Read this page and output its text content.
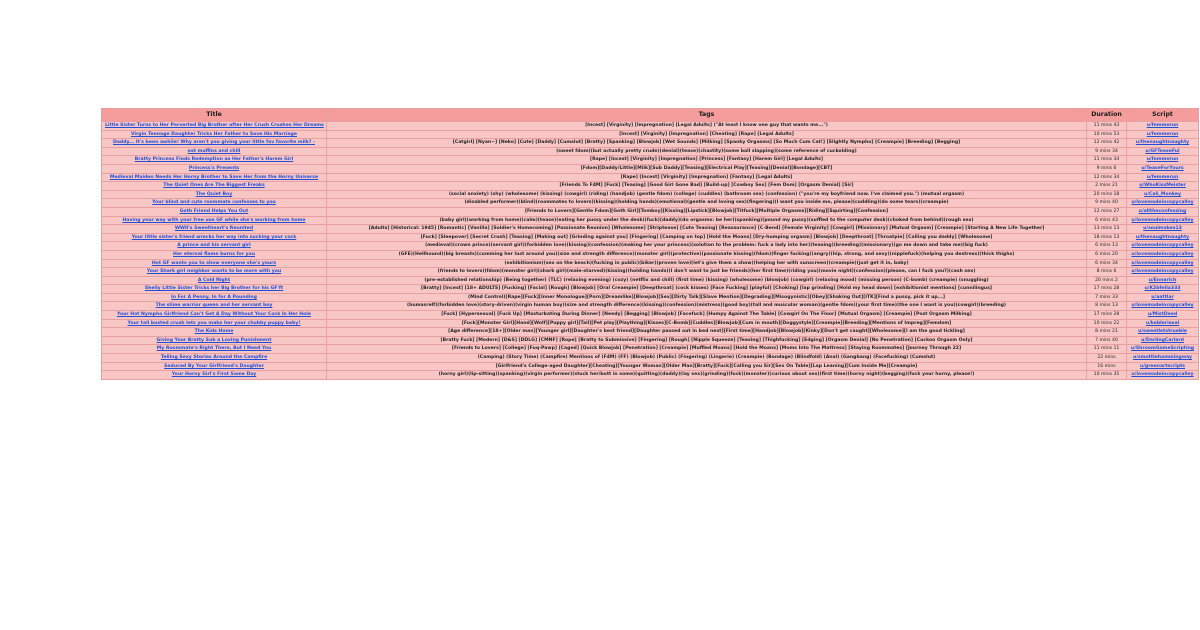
Title	Tags	Duration	Script
Little Sister Turns to Her Perverted Big Brother after Her Crush Crushes Her Dreams	[Incest] [Virginity] [Impregnation] [Legal Adults] ("At least I know one guy that wants me...")	11 mins 43	u/femmerun
Virgin Teenage Daughter Tricks Her Father to Save His Marriage	[Incest] [Virginity] [Impregnation] [Cheating] [Rape] [Legal Adults]	10 mins 53	u/femmerun
Daddy... It's been awhile! Why aren't you giving your little fav favorite milk? -	[Catgirl] [Nyan~] [Neko] [Cute] [Daddy] [Cumslut] [Bratty] [Spanking] [Blowjob] [Wet Sounds] [Milking] [Spanky Orgasms] [So Much Cum Cat!] [Slightly Nympho] [Creampie] [Breeding] [Begging]	12 mins 42	u/thenaughtnaughty
eat muffins and chill	(sweet fdom)(but actually pretty crude)(denial)(tease)(chastity)(some ball slapping)(some reference of cuckolding)	9 mins 34	u/GFTeaseFul
Bratty Princess Finds Redemption as Her Father's Harem Girl	[Rape] [Incest] [Virginity] [Impregnation] [Princess] [Fantasy] [Harem Girl] [Legal Adults]	11 mins 34	u/femmerun
Princess's Presents	[Fdom][Daddy/Little][Milk][Sub Daddy][Teasing][Electrical Play][Teasing][Denial][Bondage][CBT]	9 mins 6	u/TeaseForYours
Medieval Maiden Needs Her Horny Brother to Save Her from the Horny Universe	[Rape] [Incest] [Virginity] [Impregnation] [Fantasy] [Legal Adults]	12 mins 34	u/femmerun
The Quiet Ones Are The Biggest Freaks	[Friends To F4M] [Fuck] [Teasing] [Good Girl Gone Bad] [Build-up] [Cowboy Sex] [Fem Dom] [Orgasm Denial] [Sir]	2 mins 21	u/WhoKissMeister
The Quiet Boy	(social anxiety) (shy) (wholesome) (kissing) (cowgirl) (riding) (handjob) (gentle fdom) (college) (cuddles) (bathroom sex) (confession) ("you're my boyfriend now. I've claimed you.") (mutual orgasm)	20 mins 18	u/Cali_Monkey
Your blind and cute roommate confesses to you	(disabled performer)(blind)(roommates to lovers)(kissing)(holding hands)(emotional)(gentle and loving sex)(fingering)(I want you inside me, please)(cuddling)(do some tears)(creampie)	9 mins 40	u/lovemadeincopycalley
Goth Friend Helps You Out	[Friends to Lovers][Gentle Fdom][Goth Girl][Tomboy][Kissing][Lipstick][Blowjob][Titfuck][Multiple Orgasms][Riding][Squirting][Confession]	12 mins 27	u/alltheconfessing
Having your way with your free use GF while she's working from home	(baby girl)(working from home)(calm)(tease)(eating her pussy under the desk)(fuck)(daddy)(do orgasms: be her)(spanking)(pound my pussy)(suffled to the computer desk)(choked from behind)(rough sex)	6 mins 43	u/lovemadeincopycalley
WWII's Sweetheart's Reunited	[Adults] [Historical: 1945] [Romantic] [Vanilla] [Soldier's Homecoming] [Passionate Reunion] [Wholesome] [Striptease] [Cute Teasing] [Reassurance] [C-Bend] [Female Virginity] [Cowgirl] [Missionary] [Mutual Orgasm] [Creampie] [Starting A New Life Together]	13 mins 13	u/soulmakes13
Your little sister's friend wrecks her way into sucking your cock	[Fuck] [Sleepover] [Secret Crush] [Teasing] [Making out] [Grinding against you] [Fingering] [Camping on top] [Hold the Moans] [Dry-humping orgasm] [Blowjob] [Deepthroat] [Throatpie] [Calling you daddy] [Wholesome]	18 mins 13	u/thenaughtnaughty
A prince and his servant girl	(medieval)(crown prince)(servant girl)(forbidden love)(kissing)(confession)(making her your princess)(solution to the problem: fuck a lady into her)(teasing)(breeding)(missionary)(go me down and take me)(big fuck)	6 mins 13	u/lovemadeincopycalley
Her eternal flame burns for you	(GFE)(Hellhound)(big breasts)(cumming her lust around you)(size and strength difference)(monster girl)(protective)(passionate kissing)(fdom)(finger fucking)(angry)(hip, strong, and sexy)(nipplefuck)(helping you destress)(thick thighs)	6 mins 20	u/lovemadeincopycalley
Hot GF wants you to show everyone she's yours	(exhibitionism)(sex on the beach)(fucking in public)(biker)(proven love)(let's give them a show)(helping her with sunscreen)(creampie)(just get it in, baby)	6 mins 34	u/lovemadeincopycalley
Your Shark girl neighbor wants to be more with you	(friends to lovers)(fdom)(monster girl)(shark girl)(male-starved)(kissing)(holding hands)(I don't want to just be friends)(her first time)(riding you)(movie night)(confession)(please, can I fuck you?)(cash sex)	8 mins 6	u/lovemadeincopycalley
A Cold Night	(pre-established relationship) (Being together) (TLC) (relaxing evening) (cozy) (netflix and chill) (first time) (kissing) (wholesome) (blowjob) (cowgirl) (relaxing mood) (missing person) (C-bomb) (creampie) (snuggling)	20 mins 2	u/Ennarich
Shelly Little Sister Tricks her Big Brother for his GF'ft	[Bratty] [Incest] [18+ ADULTS] [Fucking] [Facial] [Rough] [Blowjob] [Oral Creampie] [Deepthroat] (cock kisses) [Face Fucking] [playful] [Choking] [lap grinding] [Hold my head down] [exhibitionist mentions] [cunnilingus]	17 mins 28	u/K2bfella333
In For A Penny, In for A Pounding	(Mind Control)[Rape][Fuck][Inner Monologue][Porn][Dreamlike][Blowjob][Sex][Dirty Talk][Slave Mention][Degrading][Misogynistic][Obey][Shaking Out][ITK][Find a pussy, pick it up...]	7 mins 33	u/aattlar
The slime warrior queen and her servant boy	(human/elf)(forbidden love)(story-driven)(virgin human boy)(size and strength difference)(kissing)(confession)(mistress)(good boy)(tall and muscular woman)(gentle fdom)(your first time)(the one I want is you)(cowgirl)(breeding)	8 mins 13	u/lovemadeincopycalley
Your Hot Nympho Girlfriend Can't Get A Day Without Your Cock In Her Hole	[Fuck] [Hypersexual] [Fuck Up] [Masturbating During Dinner] [Needy] [Begging] [Blowjob] [Facefuck] [Humpy Against The Table] [Cowgirl On The Floor] [Mutual Orgasm] [Creampie] [Post Orgasm Milking]	17 mins 28	u/MistDeed
Your tall busted crush lets you make her your chubby puppy baby!	[Fuck][Monster Girl][Hand][Wolf][Puppy girl][Tail][Pet play][Plaything][Kisses][C-Bomb][Cuddles][Blowjob][Cum in mouth][Doggystyle][Creampie][Breeding][Mentions of Impreg][Femdom]	10 mins 22	u/kebleriseal
The Kids Home	[Age difference][18+][Older man][Younger girl][Daughter's best friend][Daughter passed out in bed next][First time][Handjob][Blowjob][Kinky][Don't get caught][Wholesome][I am the good tickling]	8 mins 21	u/sweetletstrueble
Giving Your Bratty Sub a Loving Punishment	[Bratty Fuck] [Modern] [D&S] [DDLG] [CMNF] [Rope] [Bratty to Submissive] [Fingering] [Rough] [Nipple Squeeze] [Teasing] [Thighfucking] [Edging] [Orgasm Denial] [No Penetration] [Cuckoo Orgasm Only]	7 mins 40	u/DarlingCarlard
My Roommate's Right There, But I Need You	[Friends to Lovers] [College] [Fuq-Pawp] [Caged] [Quick Blowjob] [Penetration] [Creampie] [Muffled Moans] [Hold the Moans] [Moms Into The Mattress] [Staying Roommates] [Journey Through 22]	11 mins 11	u/ShroomGameScripting
Telling Sexy Stories Around the Campfire	(Camping) (Story Time) (Campfire) Mentions of (F4M) (FF) (Blowjob) (Public) (Fingering) (Lingerie) (Creampie) (Bondage) (Blindfold) (Anal) (Gangbang) (Facefucking) (Cumslut)	22 mins	u/smuttlehammingway
Seduced By Your Girlfriend's Daughter	[Girlfriend's College-aged Daughter][Cheating][Younger Woman][Older Man][Bratty][Fuck][Calling you Sir][Sex On Table][Lap Leaning][Cum Inside Me][Creampie]	16 mins	u/greenartscripts
Your Horny Girl's First Same Day	(horny girl)(lip-sitting)(spanking)(virgin performer)(stuck her/butt in some)(quitting)(daddy)(lay sex)(grinding)(fuck)(monster)(curious about sex)(first time)(horny night)(begging)(fuck your horny, please!)	10 mins 35	u/lovemadeincopycalley
